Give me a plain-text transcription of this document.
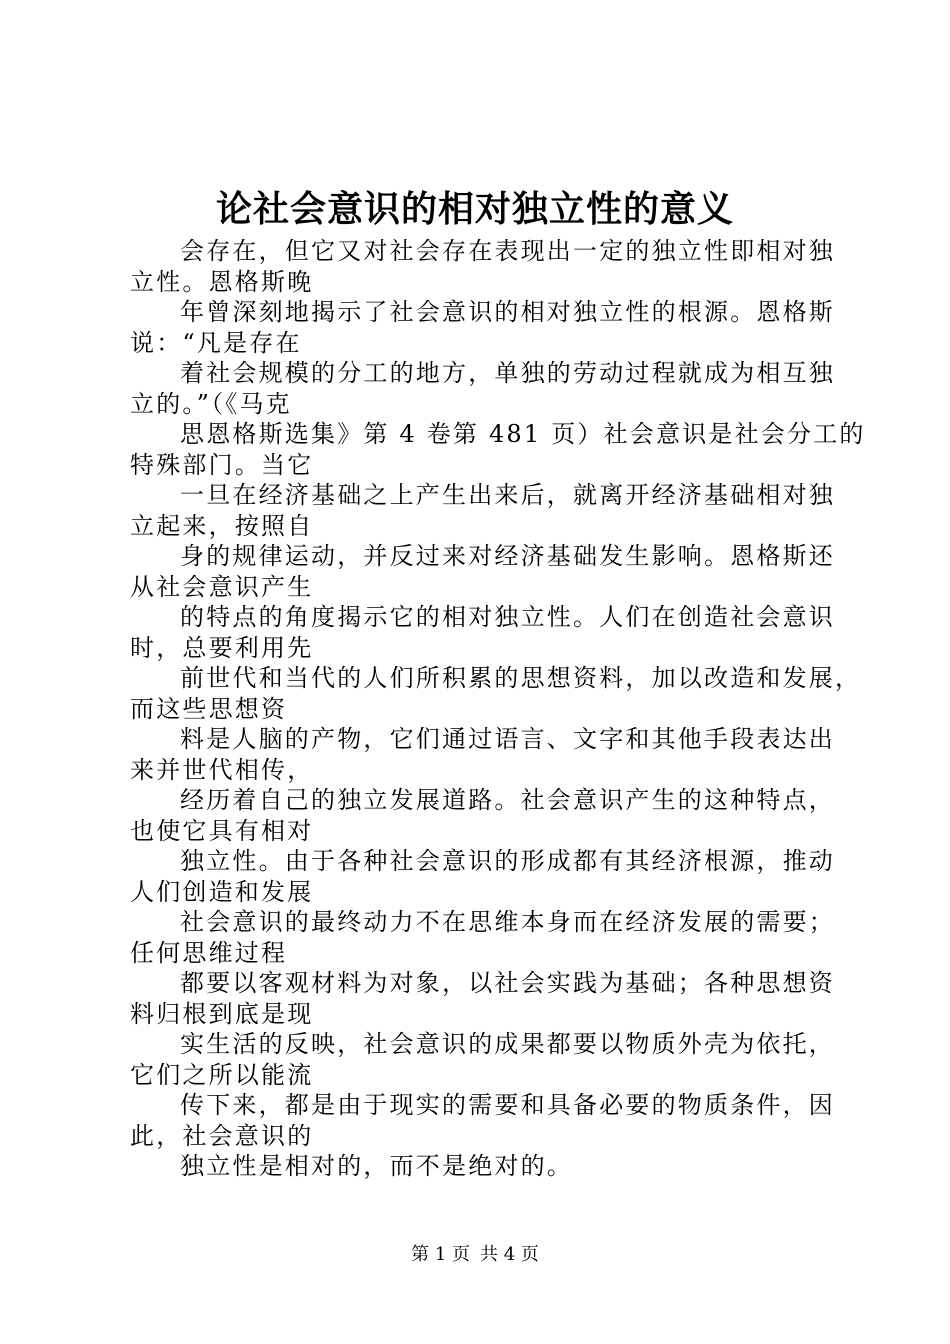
论社会意识的相对独立性的意义
会存在，但它又对社会存在表现出一定的独立性即相对独
立性。恩格斯晚
年曾深刻地揭示了社会意识的相对独立性的根源。恩格斯
说：“凡是存在
着社会规模的分工的地方，单独的劳动过程就成为相互独
立的。”（《马克
思恩格斯选集》第 4 卷第 481 页）社会意识是社会分工的
特殊部门。当它
一旦在经济基础之上产生出来后，就离开经济基础相对独
立起来，按照自
身的规律运动，并反过来对经济基础发生影响。恩格斯还
从社会意识产生
的特点的角度揭示它的相对独立性。人们在创造社会意识
时，总要利用先
前世代和当代的人们所积累的思想资料，加以改造和发展，
而这些思想资
料是人脑的产物，它们通过语言、文字和其他手段表达出
来并世代相传，
经历着自己的独立发展道路。社会意识产生的这种特点，
也使它具有相对
独立性。由于各种社会意识的形成都有其经济根源，推动
人们创造和发展
社会意识的最终动力不在思维本身而在经济发展的需要；
任何思维过程
都要以客观材料为对象，以社会实践为基础；各种思想资
料归根到底是现
实生活的反映，社会意识的成果都要以物质外壳为依托，
它们之所以能流
传下来，都是由于现实的需要和具备必要的物质条件，因
此，社会意识的
独立性是相对的，而不是绝对的。
第 1 页 共 4 页
